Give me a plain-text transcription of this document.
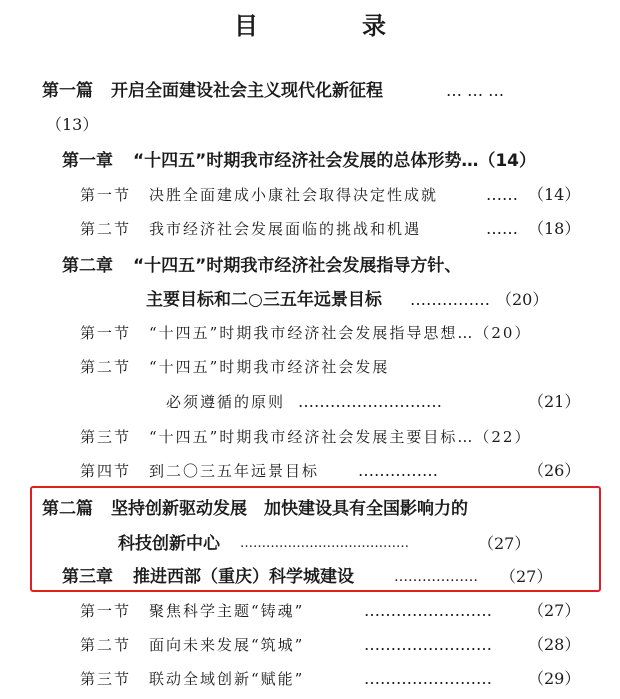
目　录
第一篇 开启全面建设社会主义现代化新征程	… … …
（13）
第一章 “十四五”时期我市经济社会发展的总体形势…（14）
第一节 决胜全面建成小康社会取得决定性成就	…… （14）
第二节 我市经济社会发展面临的挑战和机遇	…… （18）
第二章 “十四五”时期我市经济社会发展指导方针、
主要目标和二○三五年远景目标 …………… （20）
第一节 “十四五”时期我市经济社会发展指导思想…（20）
第二节 “十四五”时期我市经济社会发展
必须遵循的原则 ………………………	（21）
第三节 “十四五”时期我市经济社会发展主要目标…（22）
第四节 到二〇三五年远景目标 ……………	（26）
第二篇 坚持创新驱动发展　加快建设具有全国影响力的
科技创新中心 …………………………………	（27）
第三章 推进西部（重庆）科学城建设	……………… （27）
第一节 聚焦科学主题“铸魂”	…………………… （27）
第二节 面向未来发展“筑城”	…………………… （28）
第三节 联动全域创新“赋能”	…………………… （29）
